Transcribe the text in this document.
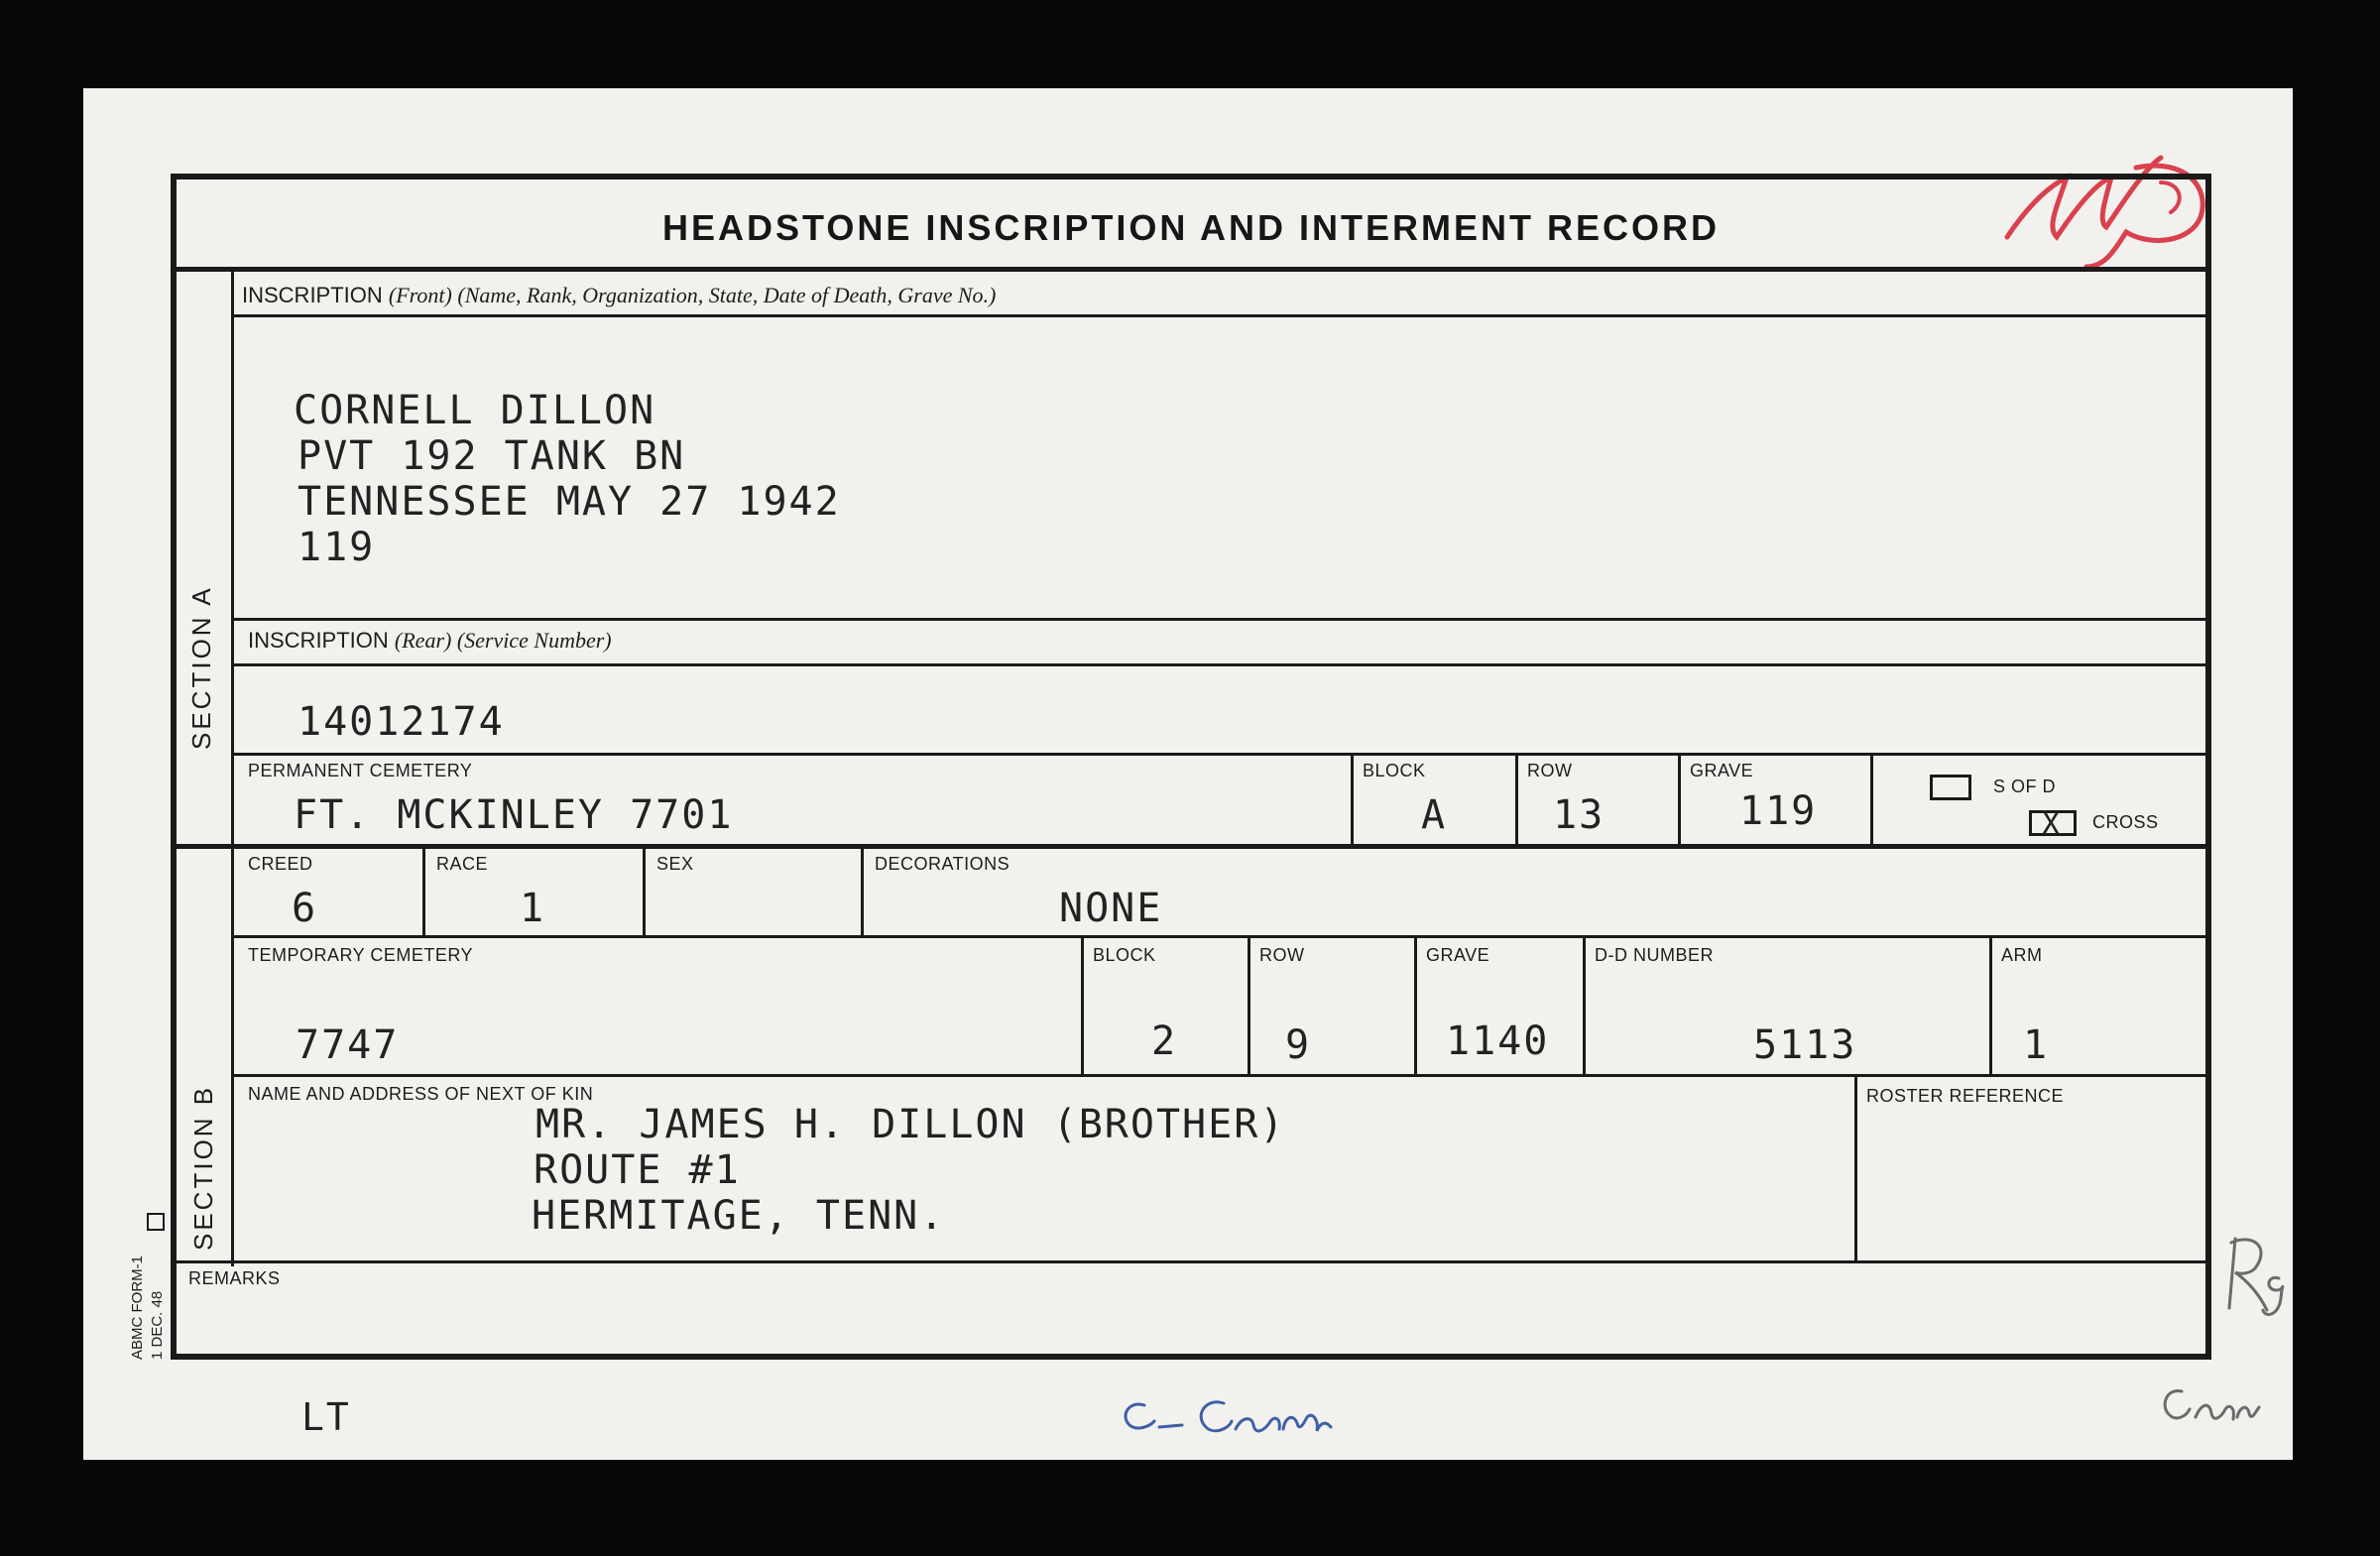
HEADSTONE INSCRIPTION AND INTERMENT RECORD
SECTION A
SECTION B
INSCRIPTION (Front) (Name, Rank, Organization, State, Date of Death, Grave No.)
CORNELL DILLON
PVT 192 TANK BN
TENNESSEE MAY 27 1942
119
INSCRIPTION (Rear) (Service Number)
14012174
PERMANENT CEMETERY
FT. MCKINLEY 7701
BLOCK
A
ROW
13
GRAVE
119
S OF D
X CROSS
CREED
6
RACE
1
SEX	DECORATIONS
NONE
TEMPORARY CEMETERY
7747
BLOCK
2
ROW
9
GRAVE
1140
D-D NUMBER
5113
ARM
1
NAME AND ADDRESS OF NEXT OF KIN
MR. JAMES H. DILLON (BROTHER)
ROUTE #1
HERMITAGE, TENN.
ROSTER REFERENCE
REMARKS
ABMC FORM-1 1 DEC. 48
LT
